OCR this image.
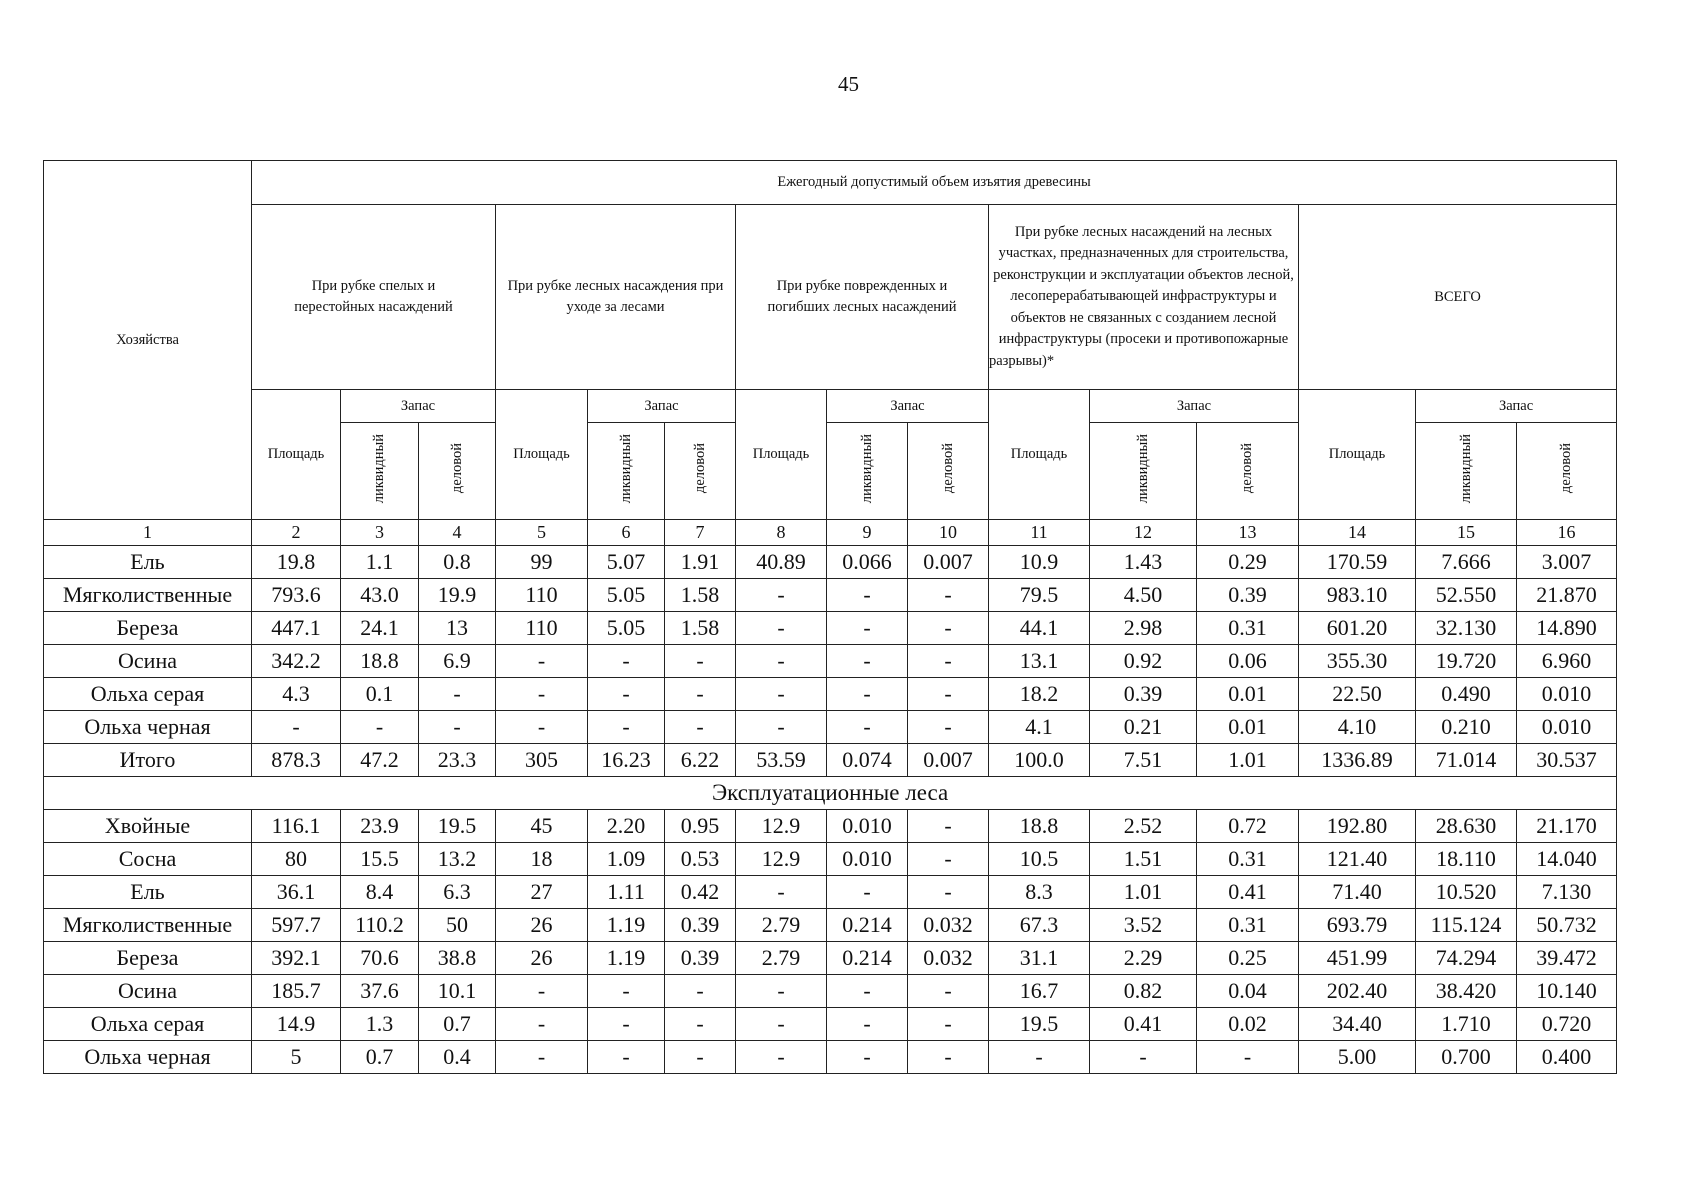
45
Хозяйства	Ежегодный допустимый объем изъятия древесины														
	При рубке спелых и перестойных насаждений			При рубке лесных насаждения при уходе за лесами			При рубке поврежденных и погибших лесных насаждений			При рубке лесных насаждений на лесных участках, предназначенных для строительства, реконструкции и эксплуатации объектов лесной, лесоперерабатывающей инфраструктуры и объектов не связанных с созданием лесной инфраструктуры (просеки и противопожарные разрывы)*			ВСЕГО		
	Площадь	Запас		Площадь	Запас		Площадь	Запас		Площадь	Запас		Площадь	Запас	
		ликвидный	деловой		ликвидный	деловой		ликвидный	деловой		ликвидный	деловой		ликвидный	деловой
1	2	3	4	5	6	7	8	9	10	11	12	13	14	15	16
Ель	19.8	1.1	0.8	99	5.07	1.91	40.89	0.066	0.007	10.9	1.43	0.29	170.59	7.666	3.007
Мягколиственные	793.6	43.0	19.9	110	5.05	1.58	-	-	-	79.5	4.50	0.39	983.10	52.550	21.870
Береза	447.1	24.1	13	110	5.05	1.58	-	-	-	44.1	2.98	0.31	601.20	32.130	14.890
Осина	342.2	18.8	6.9	-	-	-	-	-	-	13.1	0.92	0.06	355.30	19.720	6.960
Ольха серая	4.3	0.1	-	-	-	-	-	-	-	18.2	0.39	0.01	22.50	0.490	0.010
Ольха черная	-	-	-	-	-	-	-	-	-	4.1	0.21	0.01	4.10	0.210	0.010
Итого	878.3	47.2	23.3	305	16.23	6.22	53.59	0.074	0.007	100.0	7.51	1.01	1336.89	71.014	30.537
Эксплуатационные леса															
Хвойные	116.1	23.9	19.5	45	2.20	0.95	12.9	0.010	-	18.8	2.52	0.72	192.80	28.630	21.170
Сосна	80	15.5	13.2	18	1.09	0.53	12.9	0.010	-	10.5	1.51	0.31	121.40	18.110	14.040
Ель	36.1	8.4	6.3	27	1.11	0.42	-	-	-	8.3	1.01	0.41	71.40	10.520	7.130
Мягколиственные	597.7	110.2	50	26	1.19	0.39	2.79	0.214	0.032	67.3	3.52	0.31	693.79	115.124	50.732
Береза	392.1	70.6	38.8	26	1.19	0.39	2.79	0.214	0.032	31.1	2.29	0.25	451.99	74.294	39.472
Осина	185.7	37.6	10.1	-	-	-	-	-	-	16.7	0.82	0.04	202.40	38.420	10.140
Ольха серая	14.9	1.3	0.7	-	-	-	-	-	-	19.5	0.41	0.02	34.40	1.710	0.720
Ольха черная	5	0.7	0.4	-	-	-	-	-	-	-	-	-	5.00	0.700	0.400
